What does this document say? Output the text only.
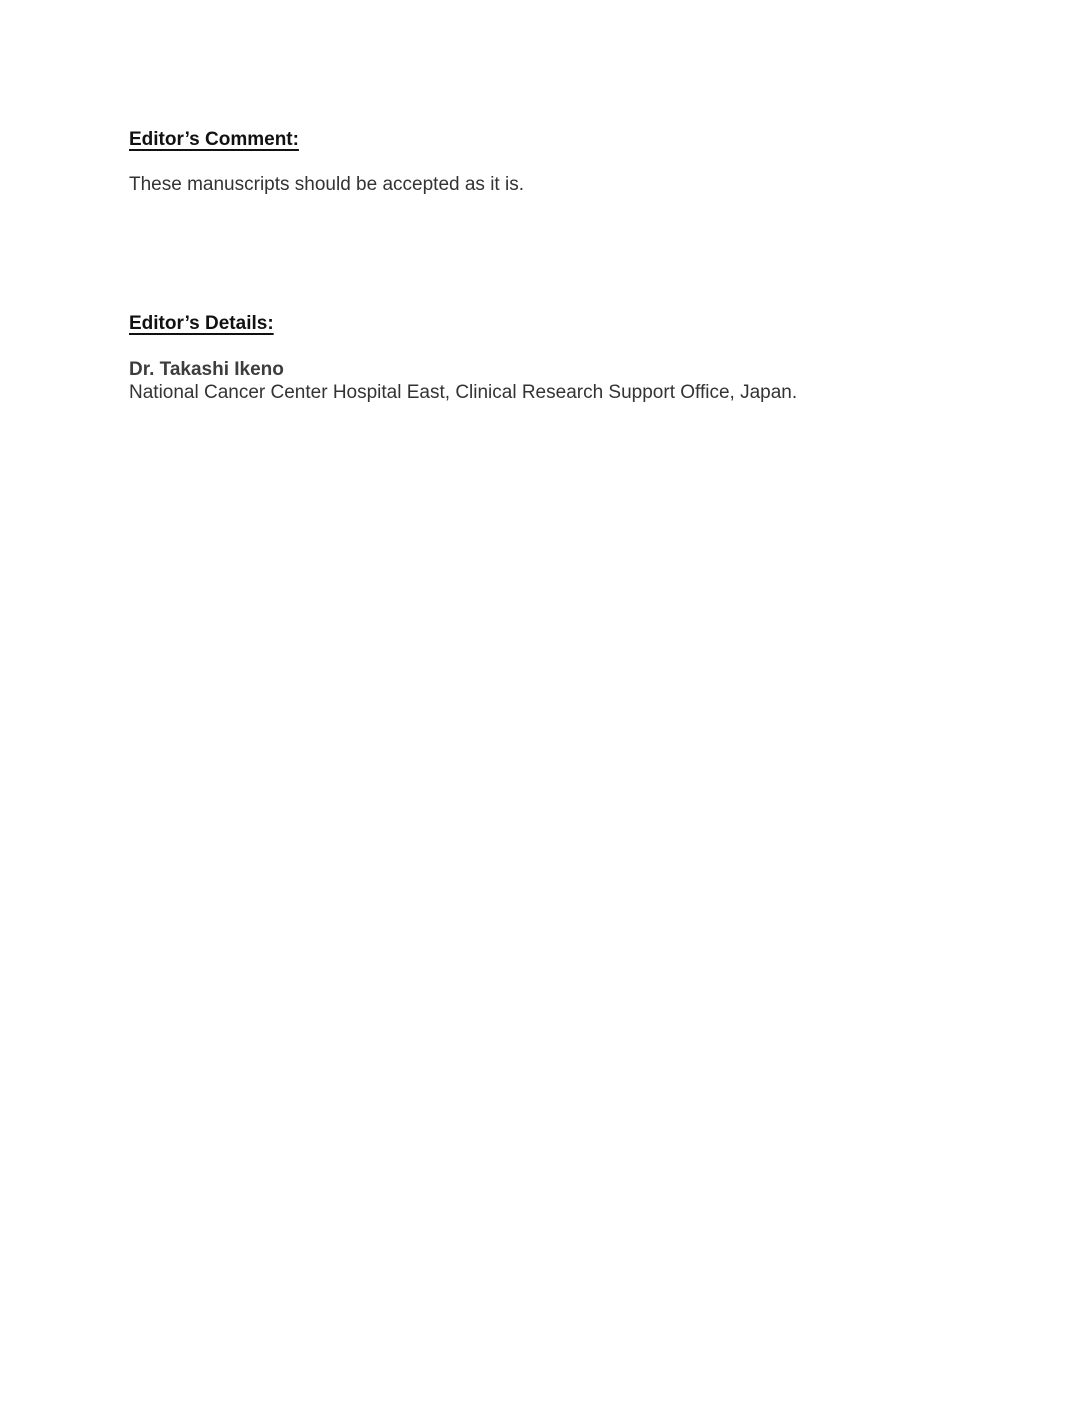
Editor’s Comment:
These manuscripts should be accepted as it is.
Editor’s Details:
Dr. Takashi Ikeno
National Cancer Center Hospital East, Clinical Research Support Office, Japan.
